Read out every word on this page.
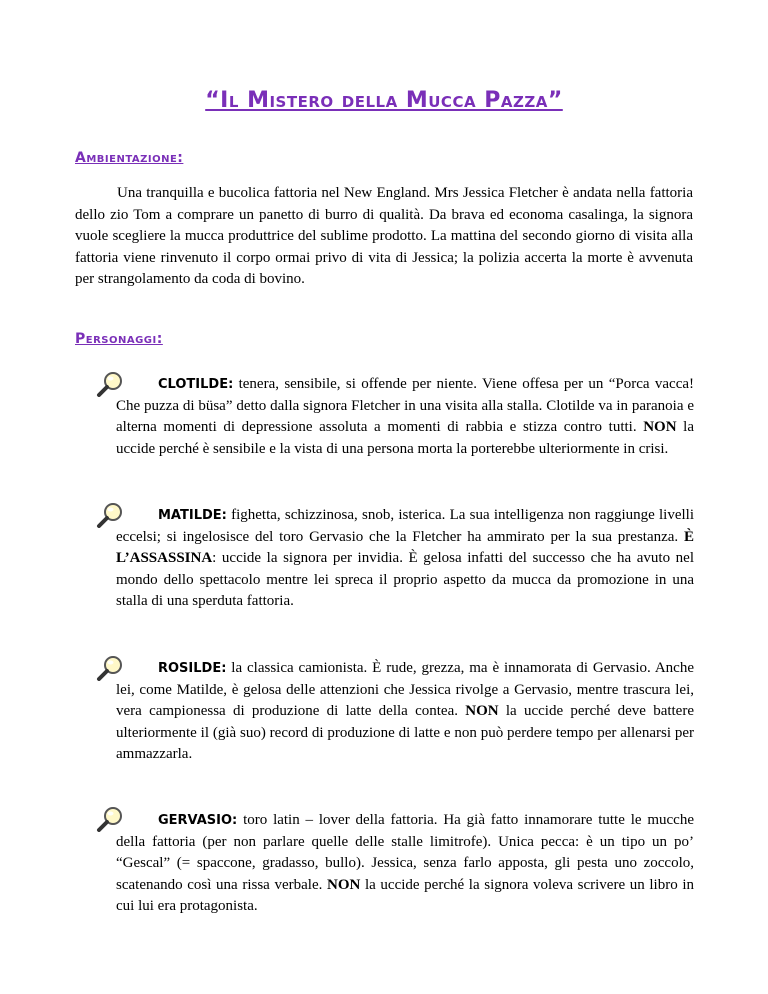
“Il Mistero della Mucca Pazza”
Ambientazione:

Una tranquilla e bucolica fattoria nel New England. Mrs Jessica Fletcher è andata nella fattoria dello zio Tom a comprare un panetto di burro di qualità. Da brava ed economa casalinga, la signora vuole scegliere la mucca produttrice del sublime prodotto. La mattina del secondo giorno di visita alla fattoria viene rinvenuto il corpo ormai privo di vita di Jessica; la polizia accerta la morte è avvenuta per strangolamento da coda di bovino.

Personaggi:

CLOTILDE: tenera, sensibile, si offende per niente. Viene offesa per un “Porca vacca! Che puzza di büsa” detto dalla signora Fletcher in una visita alla stalla. Clotilde va in paranoia e alterna momenti di depressione assoluta a momenti di rabbia e stizza contro tutti. NON la uccide perché è sensibile e la vista di una persona morta la porterebbe ulteriormente in crisi.

MATILDE: fighetta, schizzinosa, snob, isterica. La sua intelligenza non raggiunge livelli eccelsi; si ingelosisce del toro Gervasio che la Fletcher ha ammirato per la sua prestanza. È L’ASSASSINA: uccide la signora per invidia. È gelosa infatti del successo che ha avuto nel mondo dello spettacolo mentre lei spreca il proprio aspetto da mucca da promozione in una stalla di una sperduta fattoria.

ROSILDE: la classica camionista. È rude, grezza, ma è innamorata di Gervasio. Anche lei, come Matilde, è gelosa delle attenzioni che Jessica rivolge a Gervasio, mentre trascura lei, vera campionessa di produzione di latte della contea. NON la uccide perché deve battere ulteriormente il (già suo) record di produzione di latte e non può perdere tempo per allenarsi per ammazzarla.

GERVASIO: toro latin – lover della fattoria. Ha già fatto innamorare tutte le mucche della fattoria (per non parlare quelle delle stalle limitrofe). Unica pecca: è un tipo un po’ “Gescal” (= spaccone, gradasso, bullo). Jessica, senza farlo apposta, gli pesta uno zoccolo, scatenando così una rissa verbale. NON la uccide perché la signora voleva scrivere un libro in cui lui era protagonista.
